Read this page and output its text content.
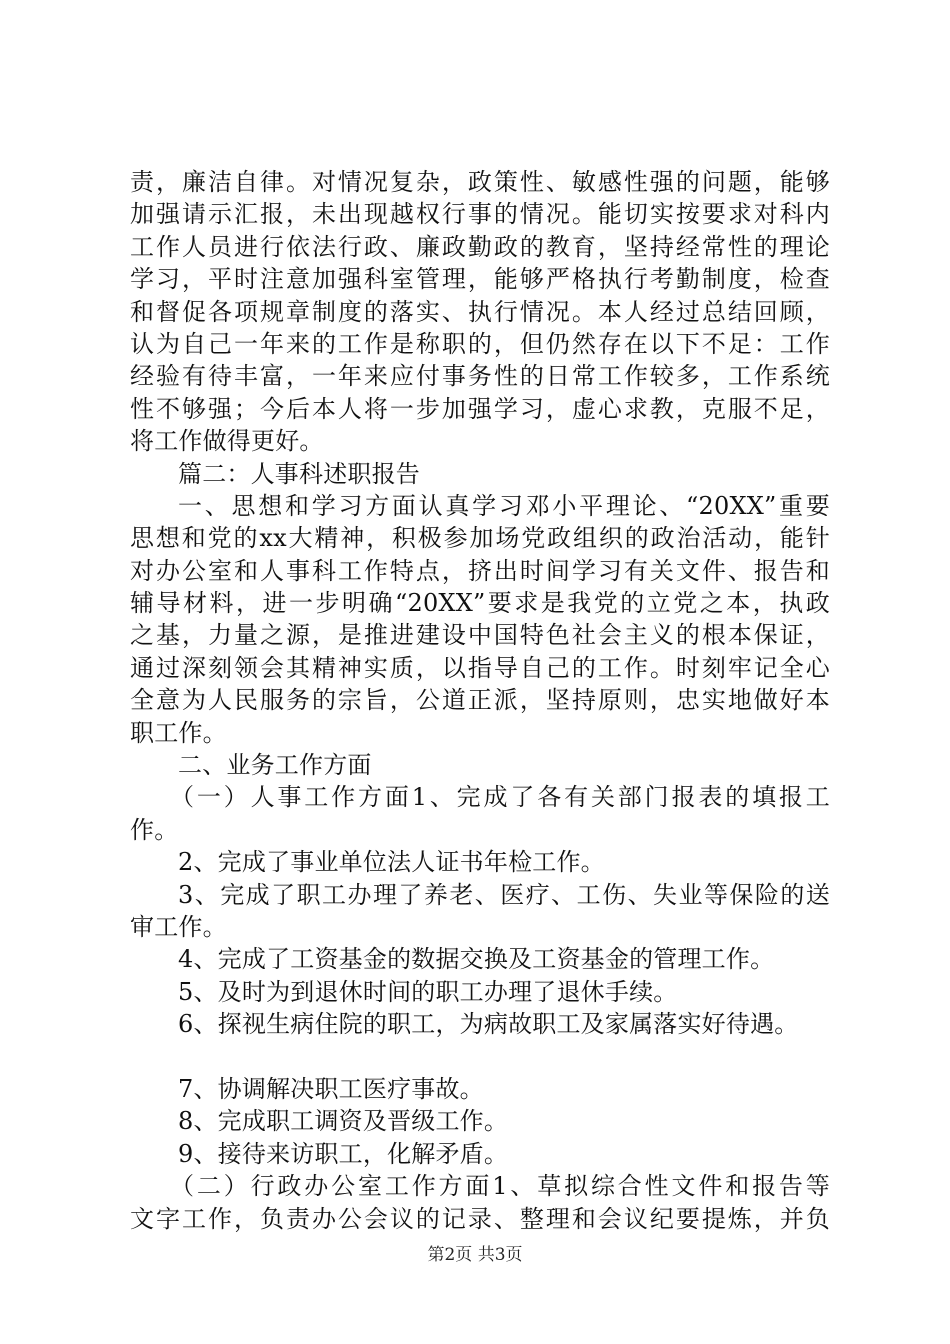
责，廉洁自律。对情况复杂，政策性、敏感性强的问题，能够
加强请示汇报，未出现越权行事的情况。能切实按要求对科内
工作人员进行依法行政、廉政勤政的教育，坚持经常性的理论
学习，平时注意加强科室管理，能够严格执行考勤制度，检查
和督促各项规章制度的落实、执行情况。本人经过总结回顾，
认为自己一年来的工作是称职的，但仍然存在以下不足：工作
经验有待丰富，一年来应付事务性的日常工作较多，工作系统
性不够强；今后本人将一步加强学习，虚心求教，克服不足，
将工作做得更好。
篇二：人事科述职报告
一、思想和学习方面认真学习邓小平理论、“20XX”重要
思想和党的xx大精神，积极参加场党政组织的政治活动，能针
对办公室和人事科工作特点，挤出时间学习有关文件、报告和
辅导材料，进一步明确“20XX”要求是我党的立党之本，执政
之基，力量之源，是推进建设中国特色社会主义的根本保证，
通过深刻领会其精神实质，以指导自己的工作。时刻牢记全心
全意为人民服务的宗旨，公道正派，坚持原则，忠实地做好本
职工作。
二、业务工作方面
（一）人事工作方面1、完成了各有关部门报表的填报工
作。
2、完成了事业单位法人证书年检工作。
3、完成了职工办理了养老、医疗、工伤、失业等保险的送
审工作。
4、完成了工资基金的数据交换及工资基金的管理工作。
5、及时为到退休时间的职工办理了退休手续。
6、探视生病住院的职工，为病故职工及家属落实好待遇。
7、协调解决职工医疗事故。
8、完成职工调资及晋级工作。
9、接待来访职工，化解矛盾。
（二）行政办公室工作方面1、草拟综合性文件和报告等
文字工作，负责办公会议的记录、整理和会议纪要提炼，并负
第2页 共3页
